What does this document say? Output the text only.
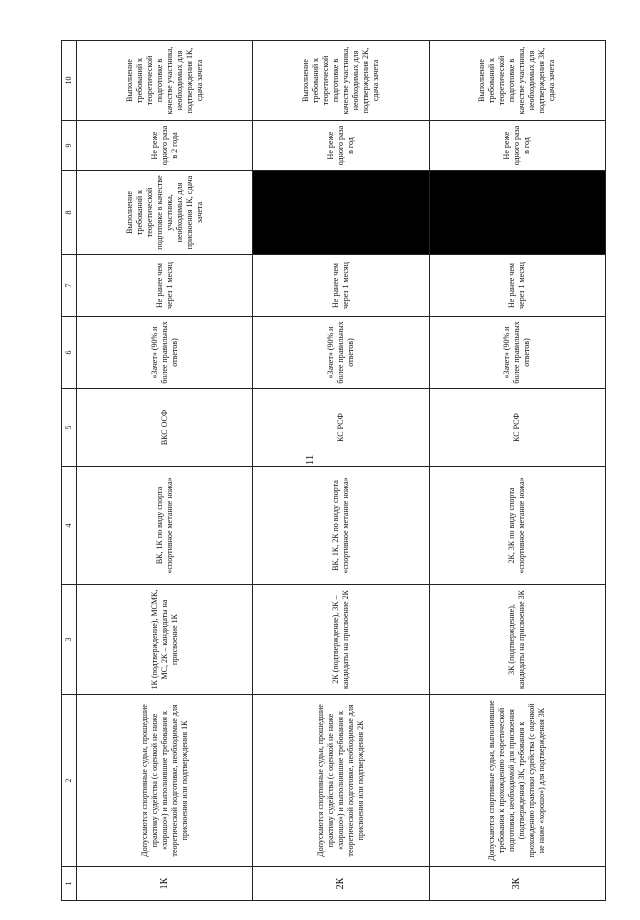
11
1	2	3	4	5	6	7	8	9	10
1К	Допускаются спортивные судьи, прошедшие практику судейства (с оценкой не ниже «хорошо») и выполнившие требования к теоретической подготовке, необходимые для присвоения или подтверждения 1К	1К (подтверждение), МСМК, МС, 2К – кандидаты на присвоение 1К	ВК, 1К по виду спорта «спортивное метание ножа»	ВКС ОСФ	«Зачет» (90% и более правильных ответов)	Не ранее чем через 1 месяц	Выполнение требований к теоретической подготовке в качестве участника, необходимых для присвоения 1К, сдача зачета	Не реже одного раза в 2 года	Выполнение требований к теоретической подготовке в качестве участника, необходимых для подтверждения 1К, сдача зачета
2К	Допускаются спортивные судьи, прошедшие практику судейства (с оценкой не ниже «хорошо») и выполнившие требования к теоретической подготовке, необходимые для присвоения или подтверждения 2К	2К (подтверждение), 3К – кандидаты на присвоение 2К	ВК, 1К, 2К по виду спорта «спортивное метание ножа»	КС РСФ	«Зачет» (90% и более правильных ответов)	Не ранее чем через 1 месяц		Не реже одного раза в год	Выполнение требований к теоретической подготовке в качестве участника, необходимых для подтверждения 2К, сдача зачета
3К	Допускаются спортивные судьи, выполнившие требования к прохождению теоретической подготовки, необходимой для присвоения (подтверждения) 3К, требования к прохождению практики судейства (с оценкой не ниже «хорошо») для подтверждения 3К	3К (подтверждение), кандидаты на присвоение 3К	2К, 3К по виду спорта «спортивное метание ножа»	КС РСФ	«Зачет» (90% и более правильных ответов)	Не ранее чем через 1 месяц		Не реже одного раза в год	Выполнение требований к теоретической подготовке в качестве участника, необходимых для подтверждения 3К, сдача зачета
